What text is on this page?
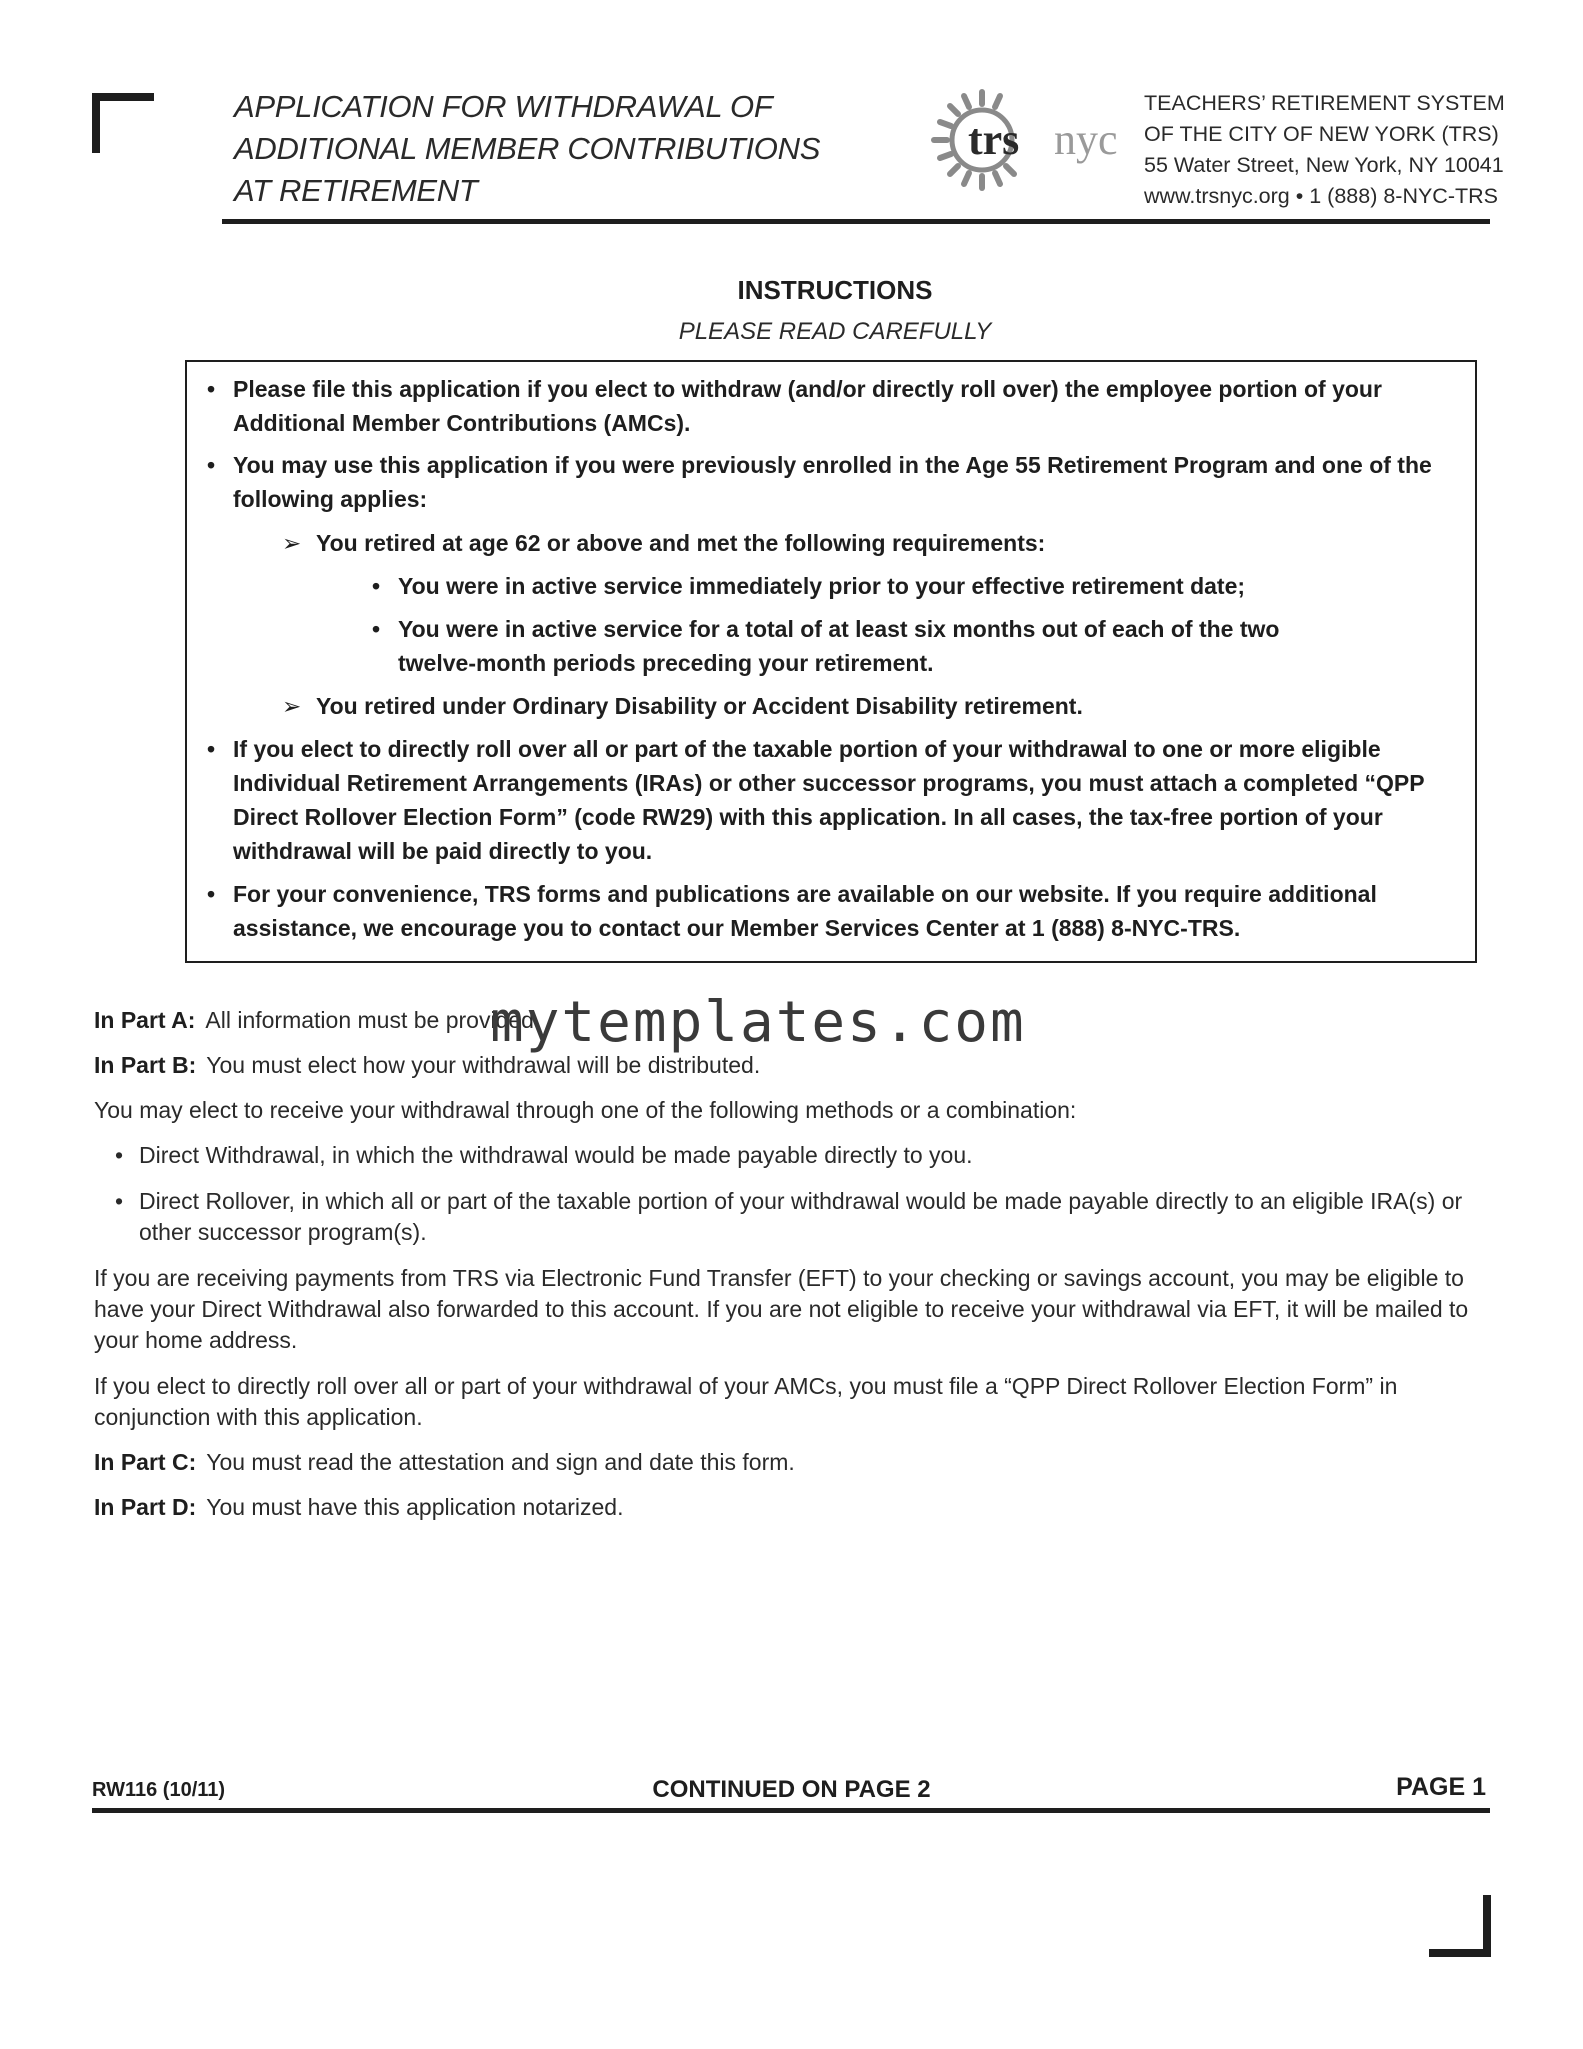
APPLICATION FOR WITHDRAWAL OF
ADDITIONAL MEMBER CONTRIBUTIONS
AT RETIREMENT
trs nyc
TEACHERS’ RETIREMENT SYSTEM
OF THE CITY OF NEW YORK (TRS)
55 Water Street, New York, NY 10041
www.trsnyc.org • 1 (888) 8-NYC-TRS
INSTRUCTIONS
PLEASE READ CAREFULLY
• Please file this application if you elect to withdraw (and/or directly roll over) the employee portion of your Additional Member Contributions (AMCs).
• You may use this application if you were previously enrolled in the Age 55 Retirement Program and one of the following applies:
➢ You retired at age 62 or above and met the following requirements:
• You were in active service immediately prior to your effective retirement date;
• You were in active service for a total of at least six months out of each of the two twelve-month periods preceding your retirement.
➢ You retired under Ordinary Disability or Accident Disability retirement.
• If you elect to directly roll over all or part of the taxable portion of your withdrawal to one or more eligible Individual Retirement Arrangements (IRAs) or other successor programs, you must attach a completed “QPP Direct Rollover Election Form” (code RW29) with this application. In all cases, the tax-free portion of your withdrawal will be paid directly to you.
• For your convenience, TRS forms and publications are available on our website. If you require additional assistance, we encourage you to contact our Member Services Center at 1 (888) 8-NYC-TRS.
In Part A: All information must be provided.
mytemplates.com
In Part B: You must elect how your withdrawal will be distributed.
You may elect to receive your withdrawal through one of the following methods or a combination:
• Direct Withdrawal, in which the withdrawal would be made payable directly to you.
• Direct Rollover, in which all or part of the taxable portion of your withdrawal would be made payable directly to an eligible IRA(s) or other successor program(s).
If you are receiving payments from TRS via Electronic Fund Transfer (EFT) to your checking or savings account, you may be eligible to have your Direct Withdrawal also forwarded to this account. If you are not eligible to receive your withdrawal via EFT, it will be mailed to your home address.
If you elect to directly roll over all or part of your withdrawal of your AMCs, you must file a “QPP Direct Rollover Election Form” in conjunction with this application.
In Part C: You must read the attestation and sign and date this form.
In Part D: You must have this application notarized.
RW116 (10/11)	CONTINUED ON PAGE 2	PAGE 1
